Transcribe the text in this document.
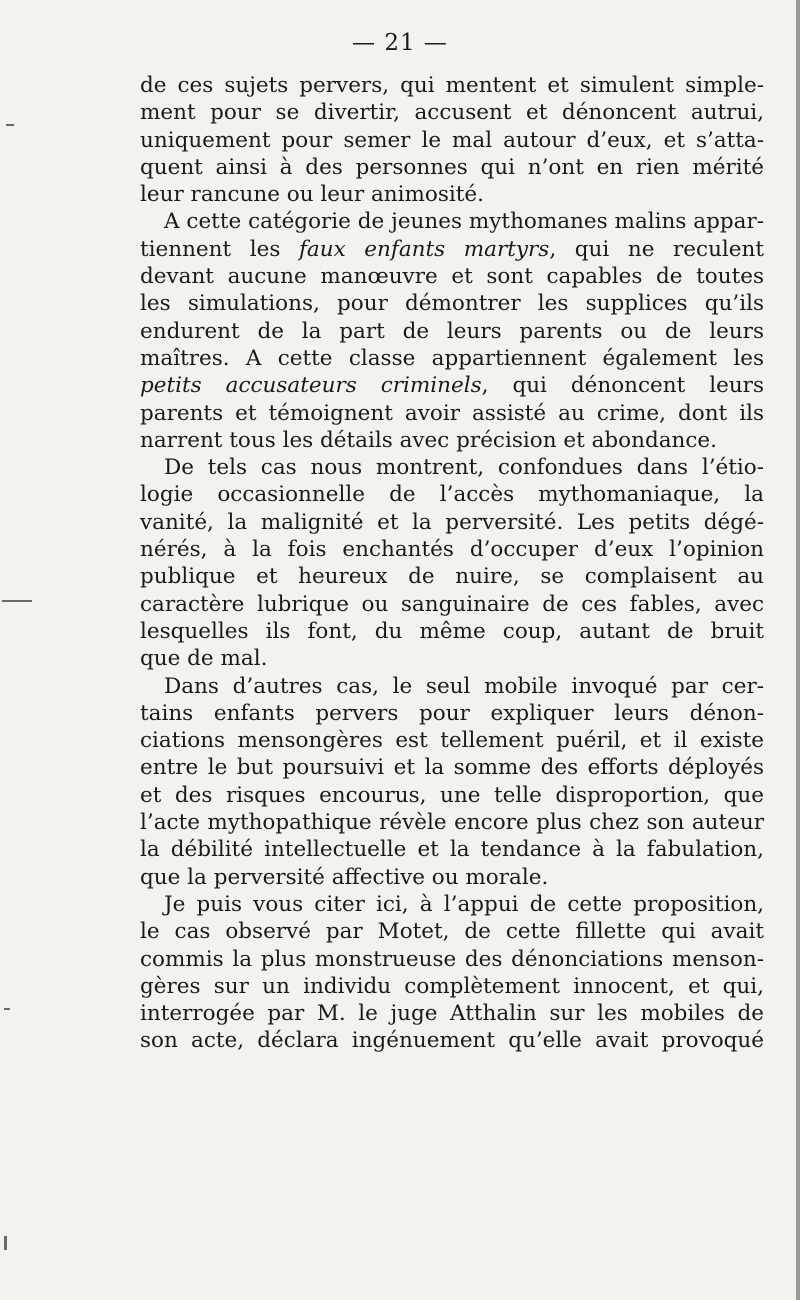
— 21 —
de ces sujets pervers, qui mentent et simulent simple-
ment pour se divertir, accusent et dénoncent autrui,
uniquement pour semer le mal autour d’eux, et s’atta-
quent ainsi à des personnes qui n’ont en rien mérité
leur rancune ou leur animosité.
A cette catégorie de jeunes mythomanes malins appar-
tiennent les faux enfants martyrs, qui ne reculent
devant aucune manœuvre et sont capables de toutes
les simulations, pour démontrer les supplices qu’ils
endurent de la part de leurs parents ou de leurs
maîtres. A cette classe appartiennent également les
petits accusateurs criminels, qui dénoncent leurs
parents et témoignent avoir assisté au crime, dont ils
narrent tous les détails avec précision et abondance.
De tels cas nous montrent, confondues dans l’étio-
logie occasionnelle de l’accès mythomaniaque, la
vanité, la malignité et la perversité. Les petits dégé-
nérés, à la fois enchantés d’occuper d’eux l’opinion
publique et heureux de nuire, se complaisent au
caractère lubrique ou sanguinaire de ces fables, avec
lesquelles ils font, du même coup, autant de bruit
que de mal.
Dans d’autres cas, le seul mobile invoqué par cer-
tains enfants pervers pour expliquer leurs dénon-
ciations mensongères est tellement puéril, et il existe
entre le but poursuivi et la somme des efforts déployés
et des risques encourus, une telle disproportion, que
l’acte mythopathique révèle encore plus chez son auteur
la débilité intellectuelle et la tendance à la fabulation,
que la perversité affective ou morale.
Je puis vous citer ici, à l’appui de cette proposition,
le cas observé par Motet, de cette fillette qui avait
commis la plus monstrueuse des dénonciations menson-
gères sur un individu complètement innocent, et qui,
interrogée par M. le juge Atthalin sur les mobiles de
son acte, déclara ingénuement qu’elle avait provoqué
